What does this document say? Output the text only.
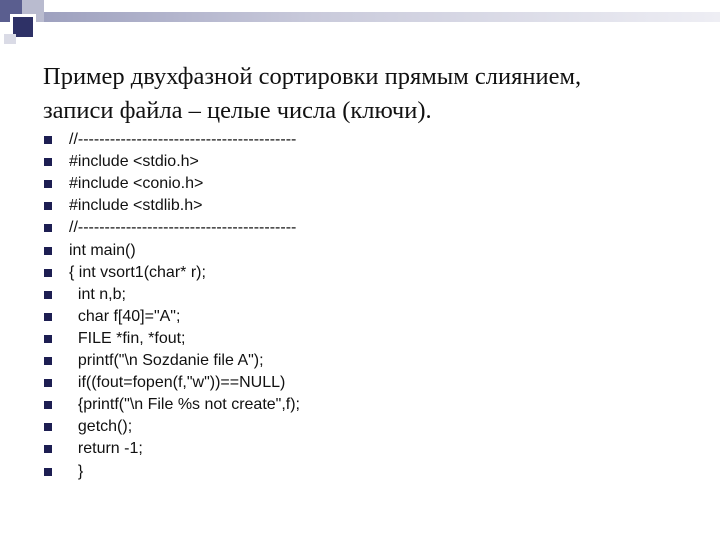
Пример двухфазной сортировки прямым слиянием,
записи файла – целые числа (ключи).
//-----------------------------------------
#include <stdio.h>
#include <conio.h>
#include <stdlib.h>
//-----------------------------------------
int main()
{ int vsort1(char* r);
int n,b;
char f[40]="A";
FILE *fin, *fout;
printf("\n Sozdanie file A");
if((fout=fopen(f,"w"))==NULL)
{printf("\n File %s not create",f);
getch();
return -1;
}
